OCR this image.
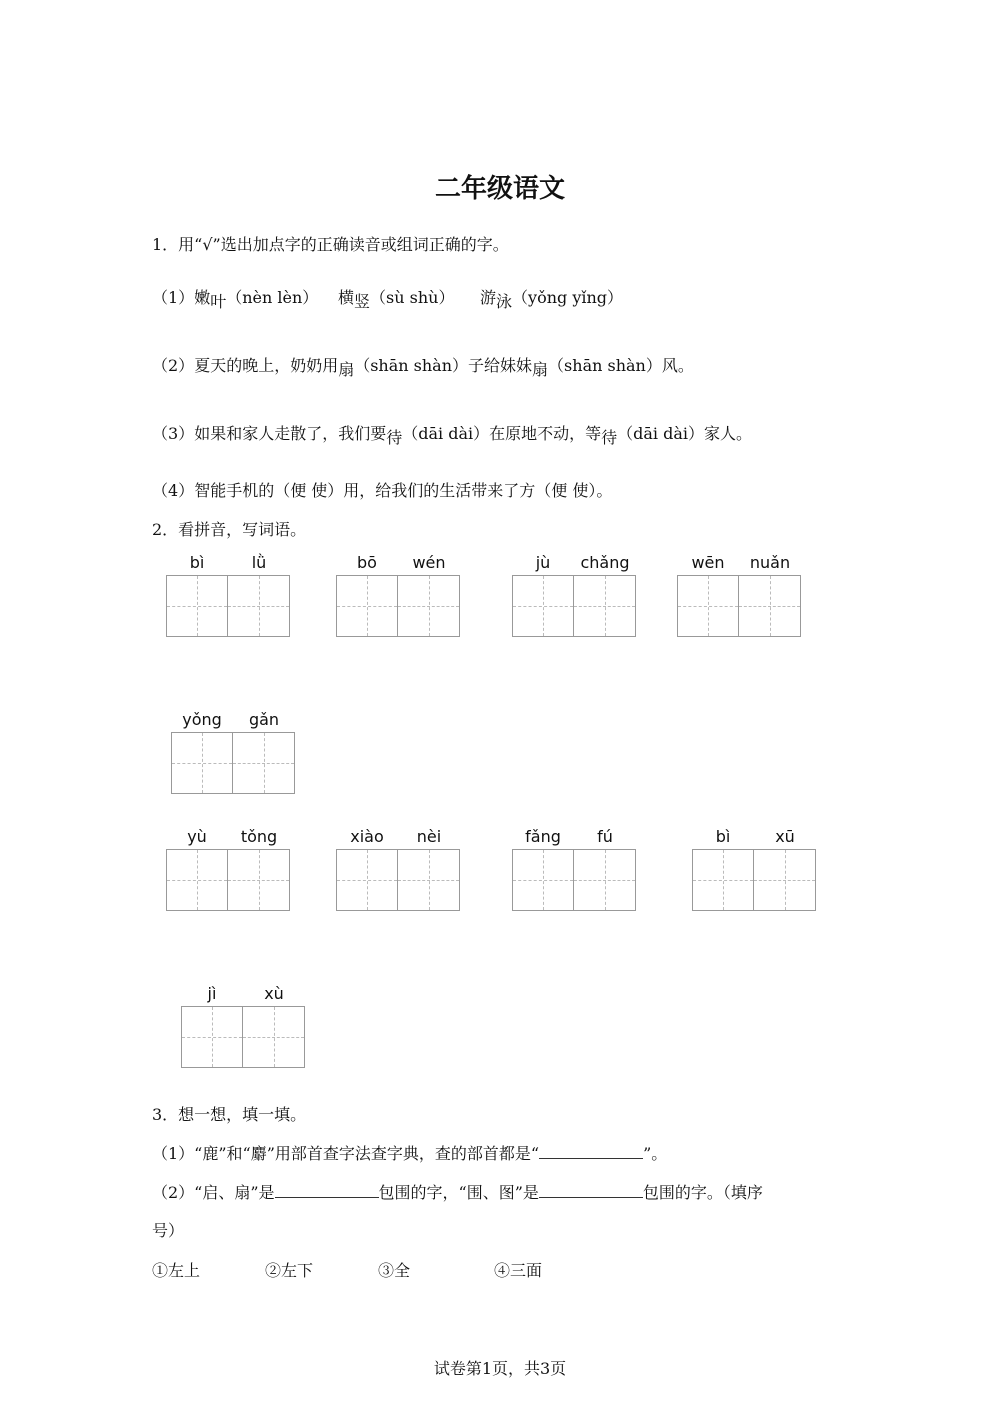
二年级语文
1．用“√”选出加点字的正确读音或组词正确的字。
（1）嫩叶（nèn lèn） 横竖（sù shù） 游泳（yǒng yǐng）
（2）夏天的晚上，奶奶用扇（shān shàn）子给妹妹扇（shān shàn）风。
（3）如果和家人走散了，我们要待（dāi dài）在原地不动，等待（dāi dài）家人。
（4）智能手机的（便 使）用，给我们的生活带来了方（便 使）。
2．看拼音，写词语。
bì	lǜ	bō	wén	jù	chǎng	wēn	nuǎn
yǒng	gǎn
yù	tǒng	xiào	nèi	fǎng	fú	bì	xū
jì	xù
3．想一想，填一填。
（1）“鹿”和“麝”用部首查字法查字典，查的部首都是“	”。
（2）“启、扇”是	包围的字，“围、图”是	包围的字。（填序
号）
①左上	②左下	③全	④三面
试卷第1页，共3页
